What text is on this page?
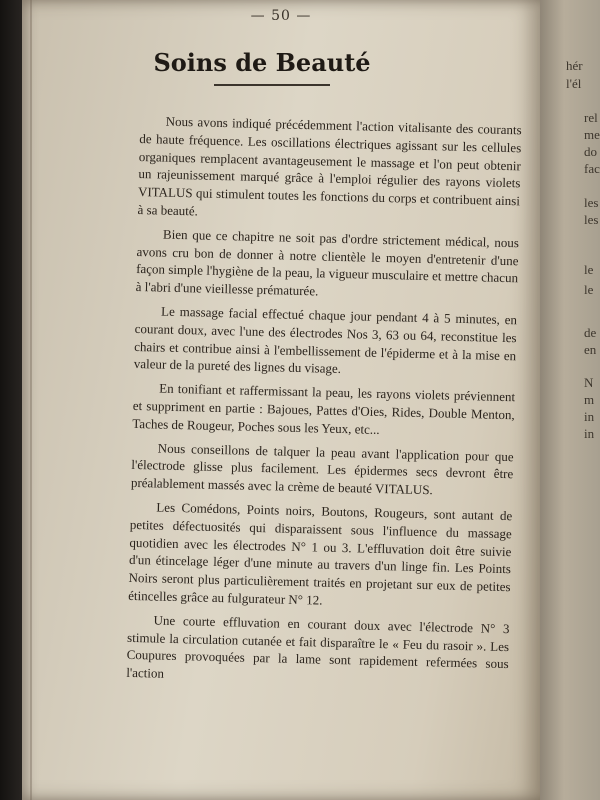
— 50 —
Soins de Beauté

Nous avons indiqué précédemment l'action vitalisante des courants de haute fréquence. Les oscillations électriques agissant sur les cellules organiques remplacent avantageusement le massage et l'on peut obtenir un rajeunissement marqué grâce à l'emploi régulier des rayons violets VITALUS qui stimulent toutes les fonctions du corps et contribuent ainsi à sa beauté.

Bien que ce chapitre ne soit pas d'ordre strictement médical, nous avons cru bon de donner à notre clientèle le moyen d'entretenir d'une façon simple l'hygiène de la peau, la vigueur musculaire et mettre chacun à l'abri d'une vieillesse prématurée.

Le massage facial effectué chaque jour pendant 4 à 5 minutes, en courant doux, avec l'une des électrodes Nos 3, 63 ou 64, reconstitue les chairs et contribue ainsi à l'embellissement de l'épiderme et à la mise en valeur de la pureté des lignes du visage.

En tonifiant et raffermissant la peau, les rayons violets préviennent et suppriment en partie : Bajoues, Pattes d'Oies, Rides, Double Menton, Taches de Rougeur, Poches sous les Yeux, etc...

Nous conseillons de talquer la peau avant l'application pour que l'électrode glisse plus facilement. Les épidermes secs devront être préalablement massés avec la crème de beauté VITALUS.

Les Comédons, Points noirs, Boutons, Rougeurs, sont autant de petites défectuosités qui disparaissent sous l'influence du massage quotidien avec les électrodes N° 1 ou 3. L'effluvation doit être suivie d'un étincelage léger d'une minute au travers d'un linge fin. Les Points Noirs seront plus particulièrement traités en projetant sur eux de petites étincelles grâce au fulgurateur N° 12.

Une courte effluvation en courant doux avec l'électrode N° 3 stimule la circulation cutanée et fait disparaître le « Feu du rasoir ». Les Coupures provoquées par la lame sont rapidement refermées sous l'action

hér
l'él
rel
me
do
fac
les
les
le
le
de
en
N
m
in
in
